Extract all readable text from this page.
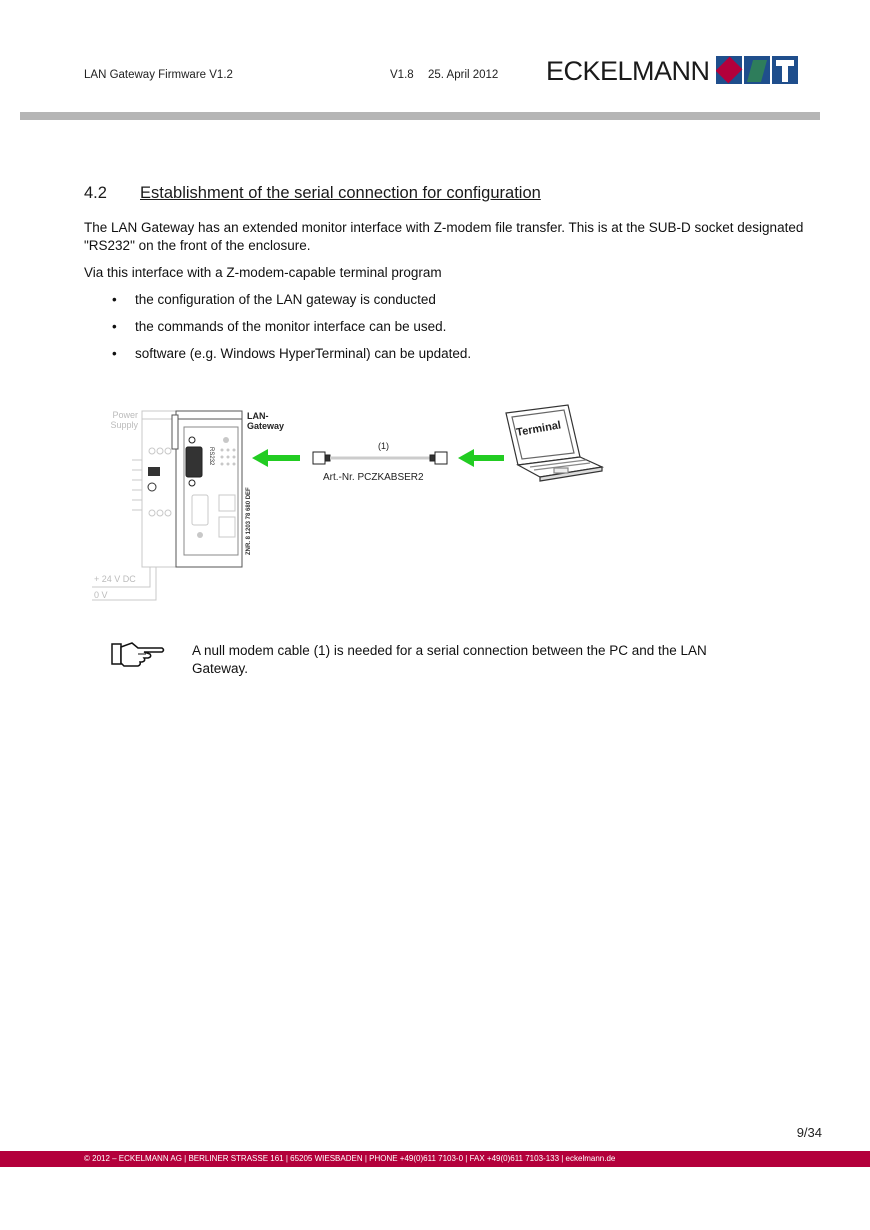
LAN Gateway Firmware V1.2	V1.8 25. April 2012 ECKELMANN
4.2 Establishment of the serial connection for configuration
The LAN Gateway has an extended monitor interface with Z-modem file transfer. This is at the SUB-D socket designated "RS232" on the front of the enclosure.
Via this interface with a Z-modem-capable terminal program
• the configuration of the LAN gateway is conducted
• the commands of the monitor interface can be used.
• software (e.g. Windows HyperTerminal) can be updated.
Power
Supply
RS232
ZNR. 8 1203 78 680 DEF
+ 24 V DC
0 V
LAN-
Gateway
(1)
Art.-Nr. PCZKABSER2
Terminal
A null modem cable (1) is needed for a serial connection between the PC and the LAN Gateway.
9/34
© 2012 – ECKELMANN AG | BERLINER STRASSE 161 | 65205 WIESBADEN | PHONE +49(0)611 7103-0 | FAX +49(0)611 7103-133 | eckelmann.de
